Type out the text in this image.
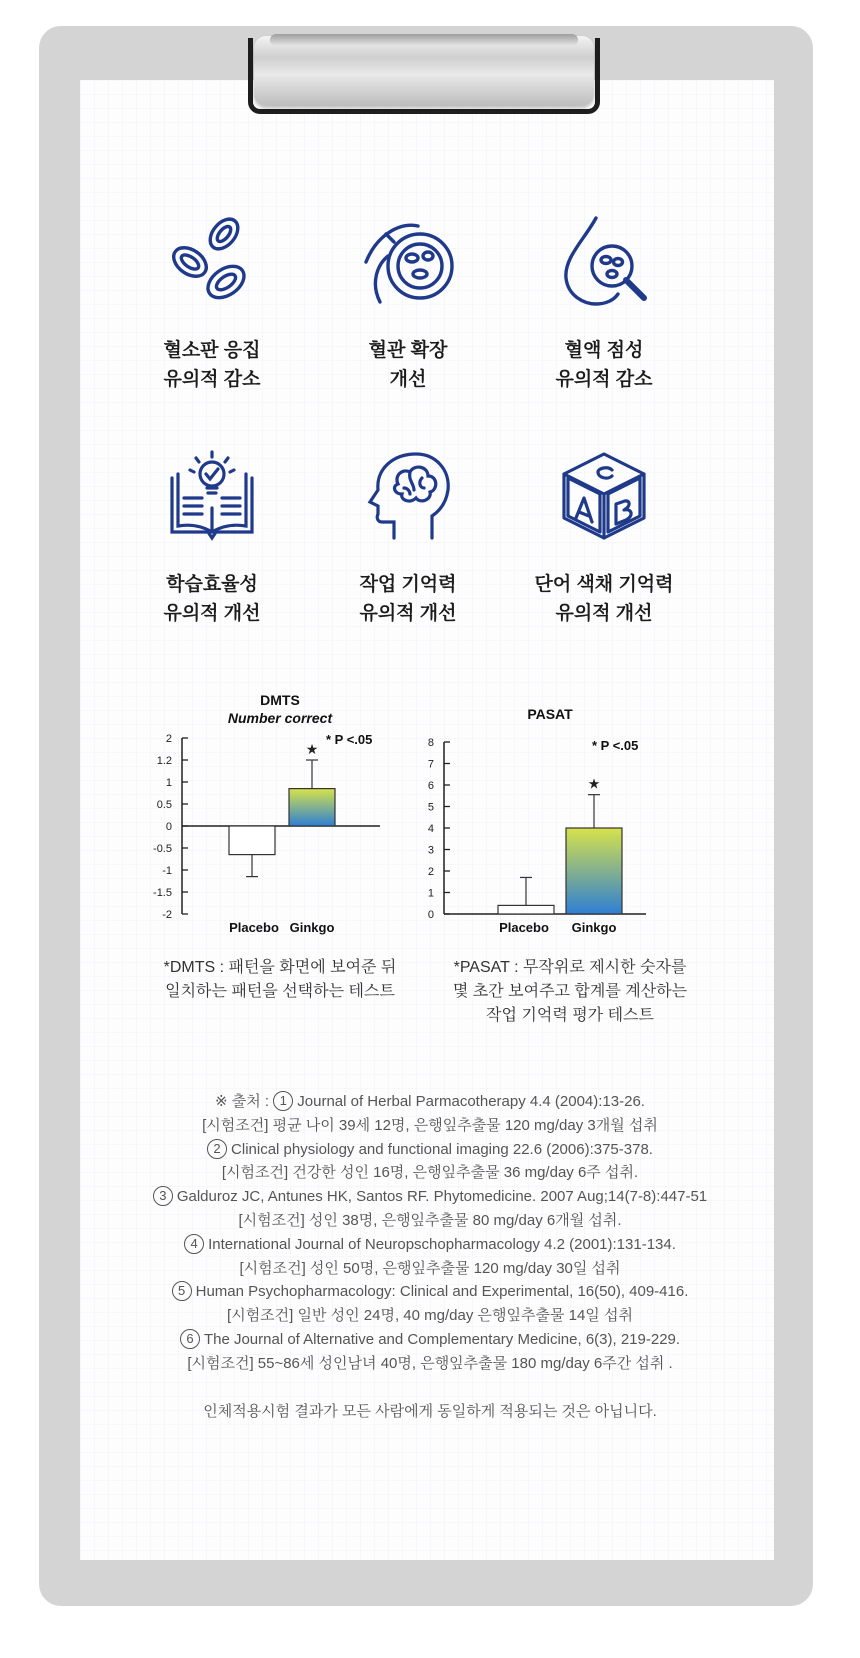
혈소판 응집
유의적 감소
혈관 확장
개선
혈액 점성
유의적 감소
학습효율성
유의적 개선
작업 기억력
유의적 개선
단어 색채 기억력
유의적 개선
DMTS
Number correct
2
1.2
1
0.5
0
-0.5
-1
-1.5
-2
Placebo
★
Ginkgo
* P <.05
*DMTS : 패턴을 화면에 보여준 뒤
일치하는 패턴을 선택하는 테스트
PASAT
8
7
6
5
4
3
2
1
0
Placebo
★
Ginkgo
* P <.05
*PASAT : 무작위로 제시한 숫자를
몇 초간 보여주고 합계를 계산하는
작업 기억력 평가 테스트
※ 출처 : 1 Journal of Herbal Parmacotherapy 4.4 (2004):13-26.
[시험조건] 평균 나이 39세 12명, 은행잎추출물 120 mg/day 3개월 섭취
2 Clinical physiology and functional imaging 22.6 (2006):375-378.
[시험조건] 건강한 성인 16명, 은행잎추출물 36 mg/day 6주 섭취.
3 Galduroz JC, Antunes HK, Santos RF. Phytomedicine. 2007 Aug;14(7-8):447-51
[시험조건] 성인 38명, 은행잎추출물 80 mg/day 6개월 섭취.
4 International Journal of Neuropschopharmacology 4.2 (2001):131-134.
[시험조건] 성인 50명, 은행잎추출물 120 mg/day 30일 섭취
5 Human Psychopharmacology: Clinical and Experimental, 16(50), 409-416.
[시험조건] 일반 성인 24명, 40 mg/day 은행잎추출물 14일 섭취
6 The Journal of Alternative and Complementary Medicine, 6(3), 219-229.
[시험조건] 55~86세 성인남녀 40명, 은행잎추출물 180 mg/day 6주간 섭취 .
인체적용시험 결과가 모든 사람에게 동일하게 적용되는 것은 아닙니다.
